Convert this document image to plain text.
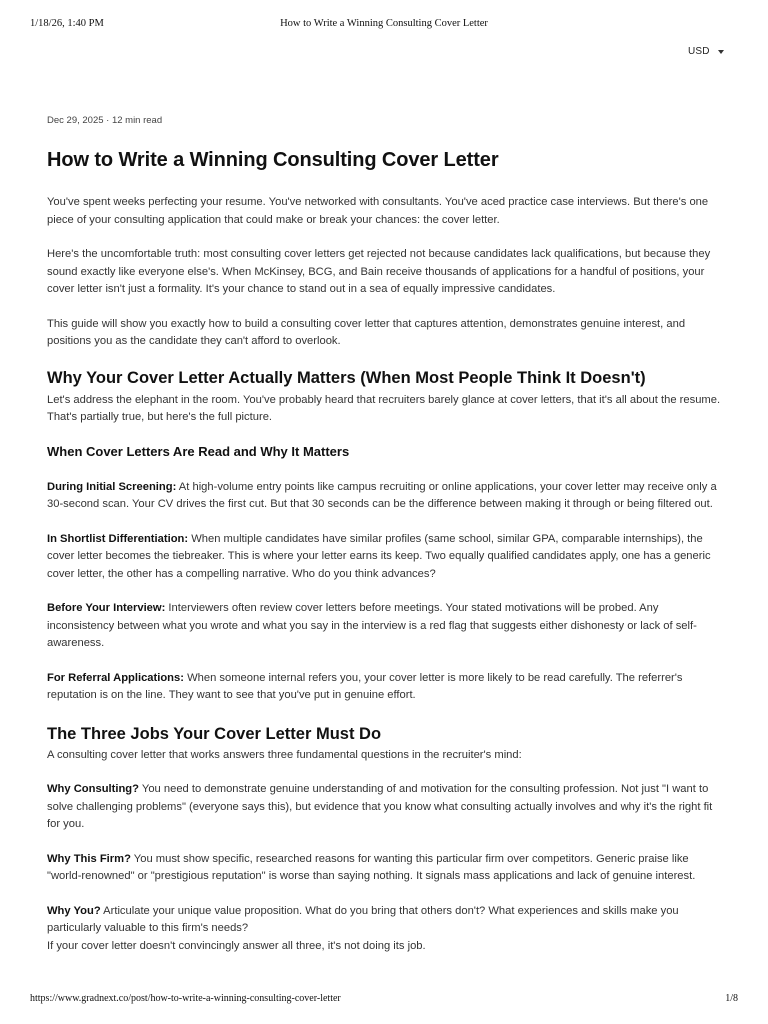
1/18/26, 1:40 PM	How to Write a Winning Consulting Cover Letter
USD
Dec 29, 2025 · 12 min read
How to Write a Winning Consulting Cover Letter

You've spent weeks perfecting your resume. You've networked with consultants. You've aced practice case interviews. But there's one piece of your consulting application that could make or break your chances: the cover letter.

Here's the uncomfortable truth: most consulting cover letters get rejected not because candidates lack qualifications, but because they sound exactly like everyone else's. When McKinsey, BCG, and Bain receive thousands of applications for a handful of positions, your cover letter isn't just a formality. It's your chance to stand out in a sea of equally impressive candidates.

This guide will show you exactly how to build a consulting cover letter that captures attention, demonstrates genuine interest, and positions you as the candidate they can't afford to overlook.

Why Your Cover Letter Actually Matters (When Most People Think It Doesn't)

Let's address the elephant in the room. You've probably heard that recruiters barely glance at cover letters, that it's all about the resume. That's partially true, but here's the full picture.

When Cover Letters Are Read and Why It Matters

During Initial Screening: At high-volume entry points like campus recruiting or online applications, your cover letter may receive only a 30-second scan. Your CV drives the first cut. But that 30 seconds can be the difference between making it through or being filtered out.

In Shortlist Differentiation: When multiple candidates have similar profiles (same school, similar GPA, comparable internships), the cover letter becomes the tiebreaker. This is where your letter earns its keep. Two equally qualified candidates apply, one has a generic cover letter, the other has a compelling narrative. Who do you think advances?

Before Your Interview: Interviewers often review cover letters before meetings. Your stated motivations will be probed. Any inconsistency between what you wrote and what you say in the interview is a red flag that suggests either dishonesty or lack of self-awareness.

For Referral Applications: When someone internal refers you, your cover letter is more likely to be read carefully. The referrer's reputation is on the line. They want to see that you've put in genuine effort.

The Three Jobs Your Cover Letter Must Do

A consulting cover letter that works answers three fundamental questions in the recruiter's mind:

Why Consulting? You need to demonstrate genuine understanding of and motivation for the consulting profession. Not just "I want to solve challenging problems" (everyone says this), but evidence that you know what consulting actually involves and why it's the right fit for you.

Why This Firm? You must show specific, researched reasons for wanting this particular firm over competitors. Generic praise like "world-renowned" or "prestigious reputation" is worse than saying nothing. It signals mass applications and lack of genuine interest.

Why You? Articulate your unique value proposition. What do you bring that others don't? What experiences and skills make you particularly valuable to this firm's needs?

If your cover letter doesn't convincingly answer all three, it's not doing its job.

https://www.gradnext.co/post/how-to-write-a-winning-consulting-cover-letter	1/8
